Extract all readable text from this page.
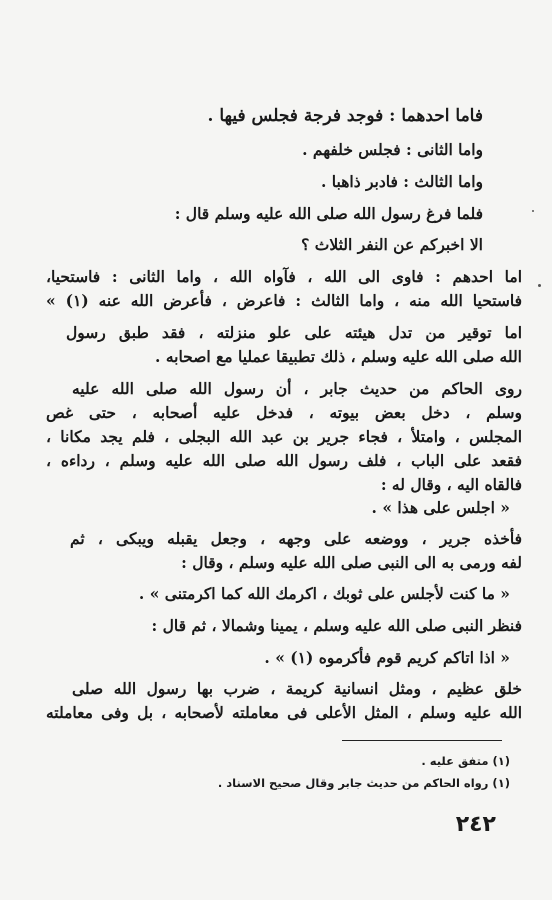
فاما احدهما : فوجد فرجة فجلس فيها .
واما الثانى : فجلس خلفهم .
واما الثالث : فادبر ذاهبا .
فلما فرغ رسول الله صلى الله عليه وسلم قال :
الا اخبركم عن النفر الثلاث ؟
اما احدهم : فاوى الى الله ، فآواه الله ، واما الثانى : فاستحيا،
فاستحيا الله منه ، واما الثالث : فاعرض ، فأعرض الله عنه (١) »
اما توقير من تدل هيئته على علو منزلته ، فقد طبق رسول
الله صلى الله عليه وسلم ، ذلك تطبيقا عمليا مع اصحابه .
روى الحاكم من حديث جابر ، أن رسول الله صلى الله عليه
وسلم ، دخل بعض بيوته ، فدخل عليه أصحابه ، حتى غص
المجلس ، وامتلأ ، فجاء جرير بن عبد الله البجلى ، فلم يجد مكانا ،
فقعد على الباب ، فلف رسول الله صلى الله عليه وسلم ، رداءه ،
فالقاه اليه ، وقال له :
« اجلس على هذا » .
فأخذه جرير ، ووضعه على وجهه ، وجعل يقبله ويبكى ، ثم
لفه ورمى به الى النبى صلى الله عليه وسلم ، وقال :
« ما كنت لأجلس على ثوبك ، اكرمك الله كما اكرمتنى » .
فنظر النبى صلى الله عليه وسلم ، يمينا وشمالا ، ثم قال :
« اذا اتاكم كريم قوم فأكرموه (١) » .
خلق عظيم ، ومثل انسانية كريمة ، ضرب بها رسول الله صلى
الله عليه وسلم ، المثل الأعلى فى معاملته لأصحابه ، بل وفى معاملته
(١) متفق عليه .
(١) رواه الحاكم من حديث جابر وقال صحيح الاسناد .
٢٤٢
